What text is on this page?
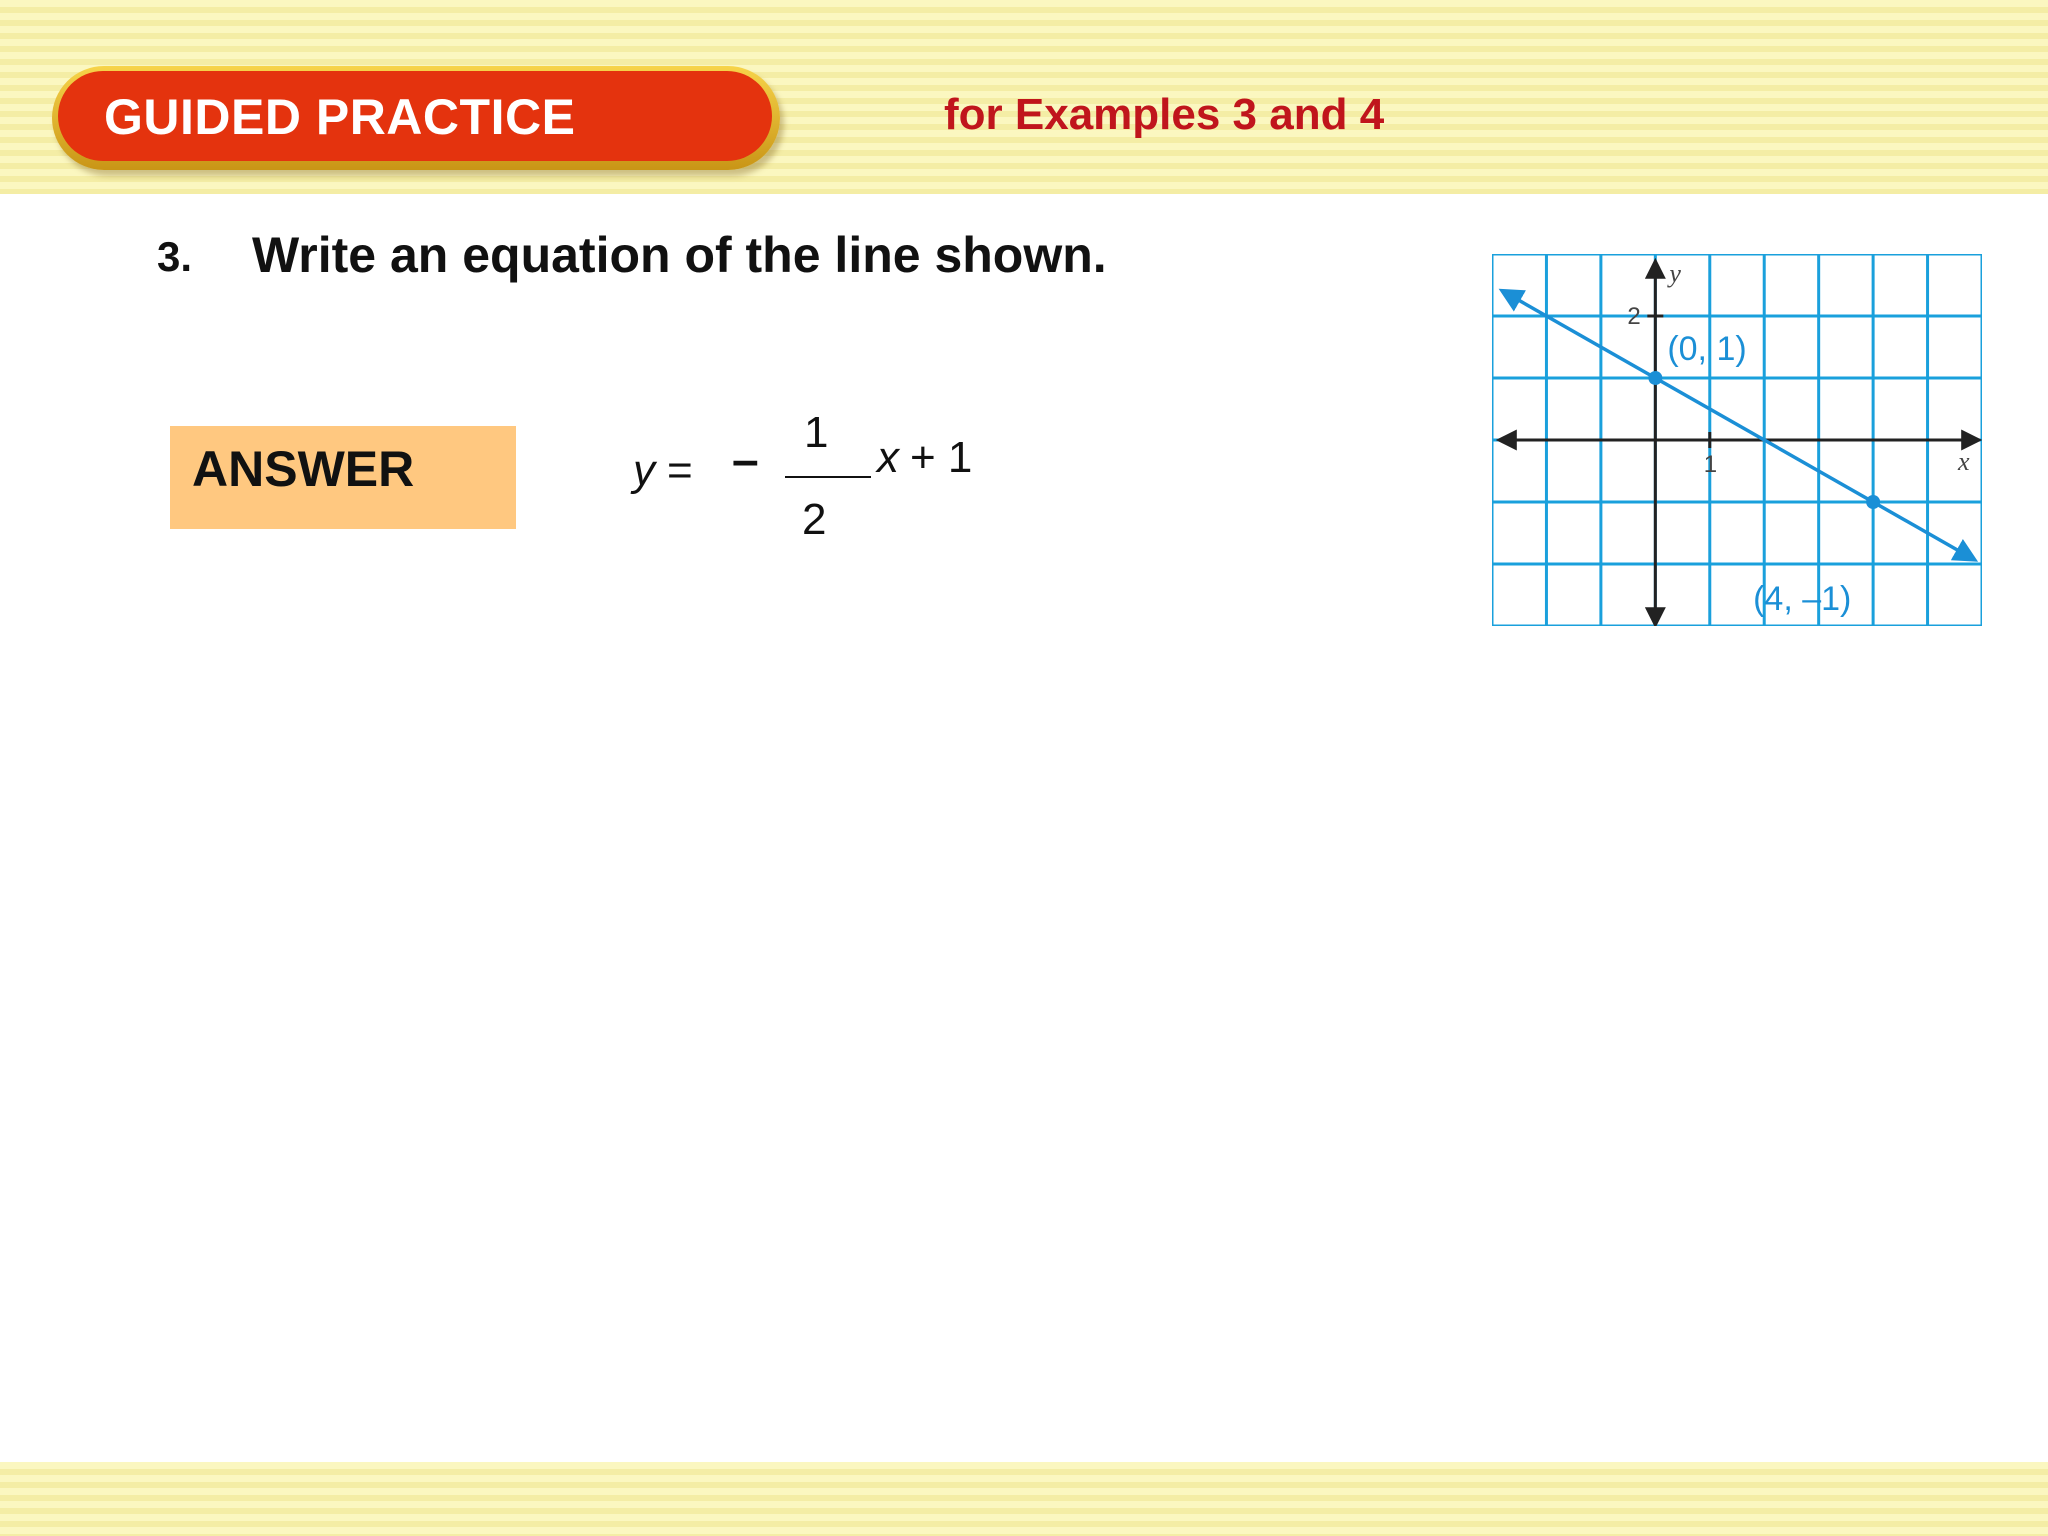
GUIDED PRACTICE	for Examples 3 and 4
3. Write an equation of the line shown.
ANSWER	y = –
1
2
x + 1
(0, 1)
(4, –1)
y
x
2
1
